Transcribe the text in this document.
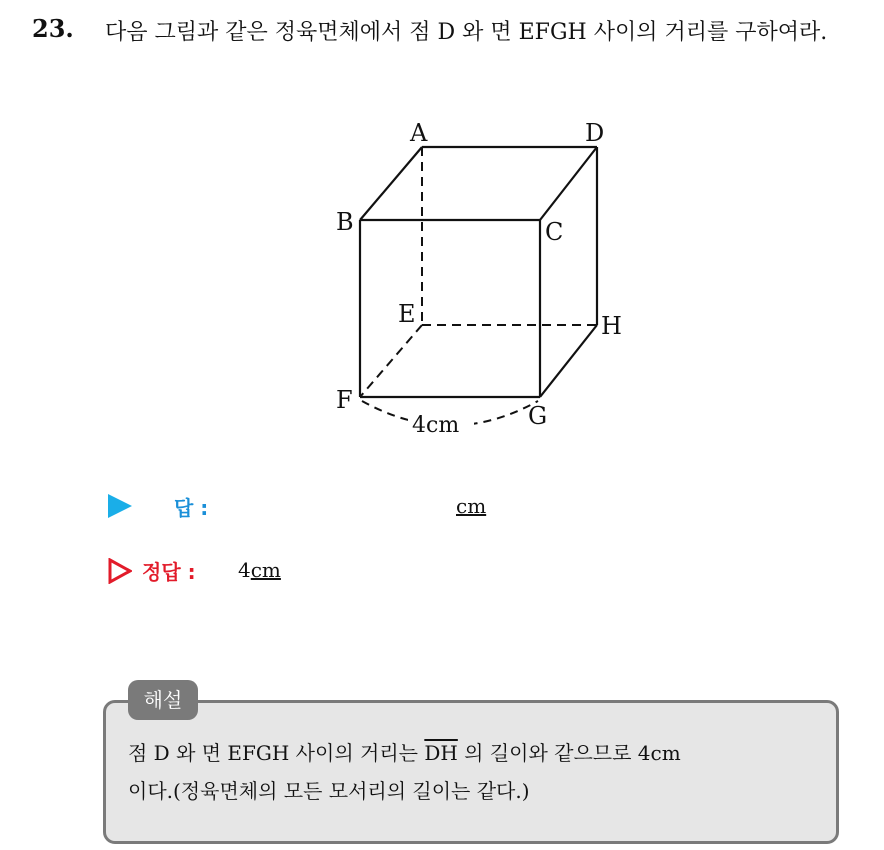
23. 다음 그림과 같은 정육면체에서 점 D 와 면 EFGH 사이의 거리를 구하여라.
A	D
B	C
E	H
F
G
4cm
답 :	cm
정답 : 4cm
해설
점 D 와 면 EFGH 사이의 거리는 $\overline{DH}$ 의 길이와 같으므로 4cm
이다.(정육면체의 모든 모서리의 길이는 같다.)
